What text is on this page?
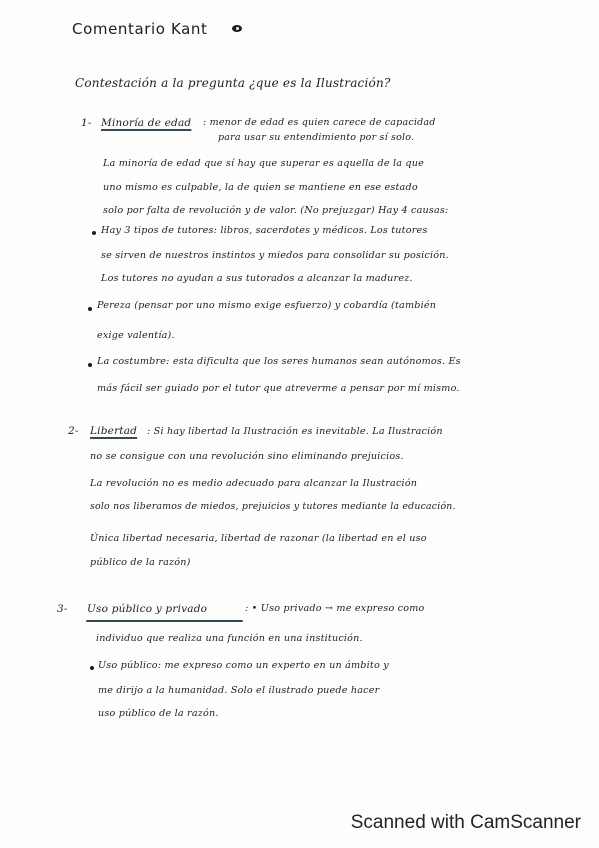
Comentario Kant
Contestación a la pregunta ¿que es la Ilustración?
1- Minoría de edad : menor de edad es quien carece de capacidad
para usar su entendimiento por sí solo.
La minoría de edad que sí hay que superar es aquella de la que
uno mismo es culpable, la de quien se mantiene en ese estado
solo por falta de revolución y de valor. (No prejuzgar) Hay 4 causas:
Hay 3 tipos de tutores: libros, sacerdotes y médicos. Los tutores
se sirven de nuestros instintos y miedos para consolidar su posición.
Los tutores no ayudan a sus tutorados a alcanzar la madurez.
Pereza (pensar por uno mismo exige esfuerzo) y cobardía (también
exige valentía).
La costumbre: esta dificulta que los seres humanos sean autónomos. Es
más fácil ser guiado por el tutor que atreverme a pensar por mí mismo.
2- Libertad : Si hay libertad la Ilustración es inevitable. La Ilustración
no se consigue con una revolución sino eliminando prejuicios.
La revolución no es medio adecuado para alcanzar la Ilustración
solo nos liberamos de miedos, prejuicios y tutores mediante la educación.
Única libertad necesaria, libertad de razonar (la libertad en el uso
público de la razón)
3- Uso público y privado	: • Uso privado → me expreso como
individuo que realiza una función en una institución.
Uso público: me expreso como un experto en un ámbito y
me dirijo a la humanidad. Solo el ilustrado puede hacer
uso público de la razón.
Scanned with CamScanner
